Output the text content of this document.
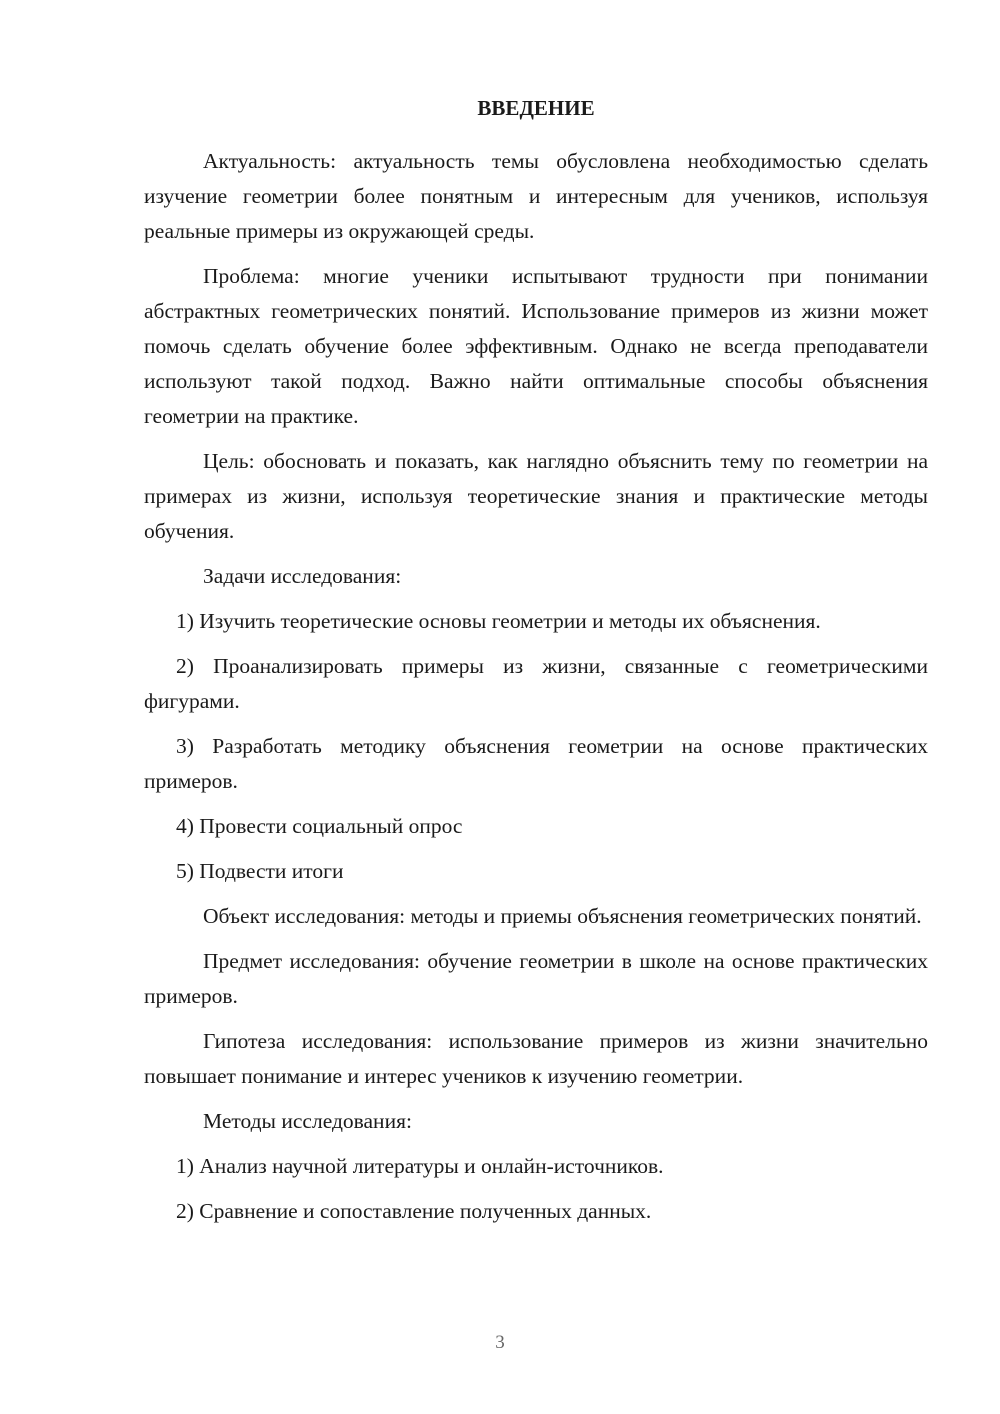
ВВЕДЕНИЕ

Актуальность: актуальность темы обусловлена необходимостью сделать изучение геометрии более понятным и интересным для учеников, используя реальные примеры из окружающей среды.

Проблема: многие ученики испытывают трудности при понимании абстрактных геометрических понятий. Использование примеров из жизни может помочь сделать обучение более эффективным. Однако не всегда преподаватели используют такой подход. Важно найти оптимальные способы объяснения геометрии на практике.

Цель: обосновать и показать, как наглядно объяснить тему по геометрии на примерах из жизни, используя теоретические знания и практические методы обучения.

Задачи исследования:

1) Изучить теоретические основы геометрии и методы их объяснения.

2) Проанализировать примеры из жизни, связанные с геометрическими фигурами.

3) Разработать методику объяснения геометрии на основе практических примеров.

4) Провести социальный опрос

5) Подвести итоги

Объект исследования: методы и приемы объяснения геометрических понятий.

Предмет исследования: обучение геометрии в школе на основе практических примеров.

Гипотеза исследования: использование примеров из жизни значительно повышает понимание и интерес учеников к изучению геометрии.

Методы исследования:

1) Анализ научной литературы и онлайн-источников.

2) Сравнение и сопоставление полученных данных.

3
